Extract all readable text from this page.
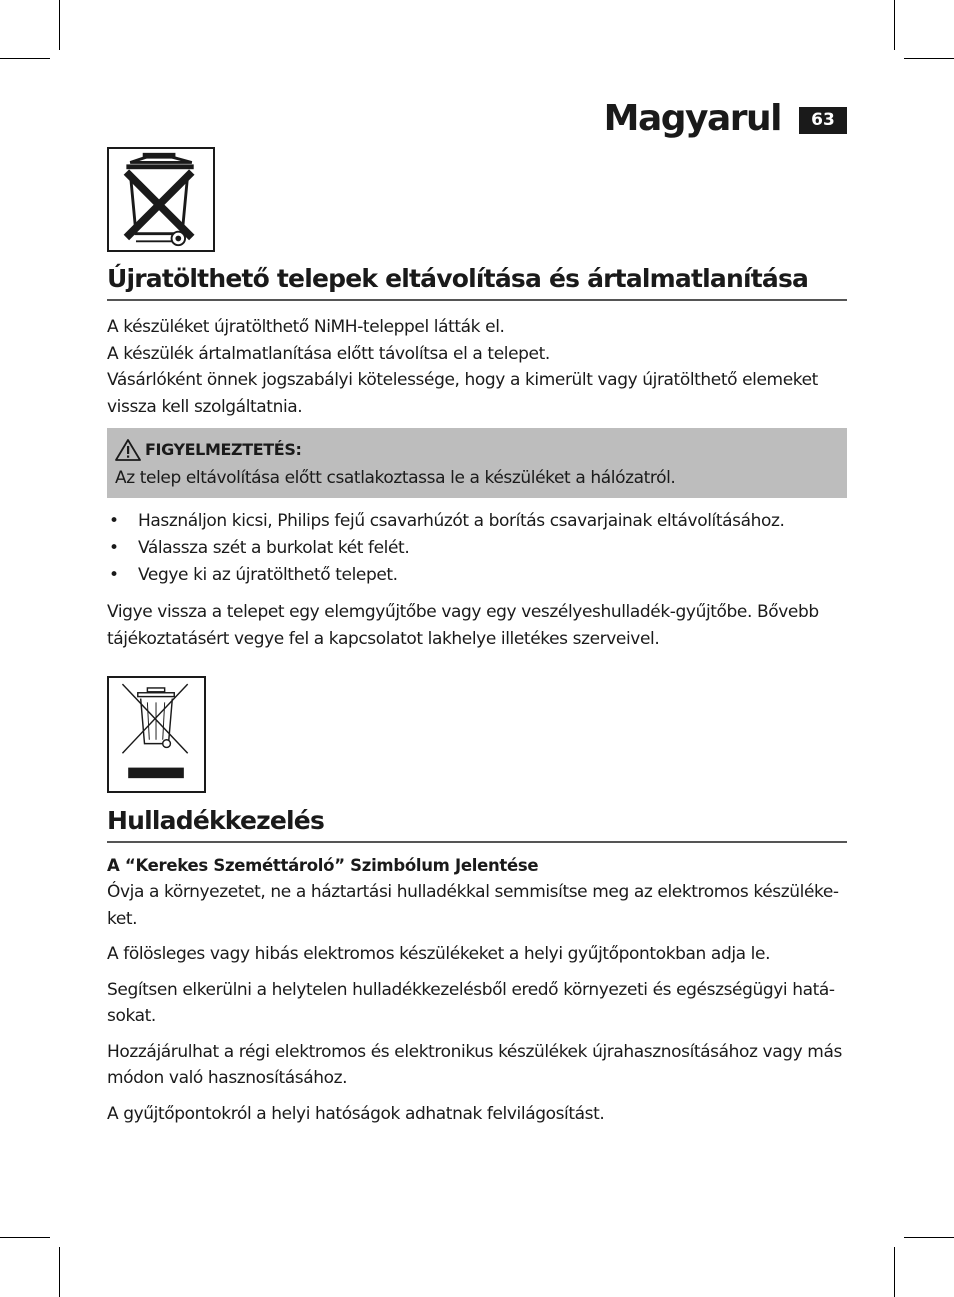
Magyarul	63
Újratölthető telepek eltávolítása és ártalmatlanítása

A készüléket újratölthető NiMH-teleppel látták el.

A készülék ártalmatlanítása előtt távolítsa el a telepet.

Vásárlóként önnek jogszabályi kötelessége, hogy a kimerült vagy újratölthető elemeket vissza kell szolgáltatnia.

FIGYELMEZTETÉS:
Az telep eltávolítása előtt csatlakoztassa le a készüléket a hálózatról.
• Használjon kicsi, Philips fejű csavarhúzót a borítás csavarjainak eltávolításához.
• Válassza szét a burkolat két felét.
• Vegye ki az újratölthető telepet.

Vigye vissza a telepet egy elemgyűjtőbe vagy egy veszélyeshulladék-gyűjtőbe. Bővebb tájékoztatásért vegye fel a kapcsolatot lakhelye illetékes szerveivel.

Hulladékkezelés
A “Kerekes Szeméttároló” Szimbólum Jelentése

Óvja a környezetet, ne a háztartási hulladékkal semmisítse meg az elektromos készüléke-ket.

A fölösleges vagy hibás elektromos készülékeket a helyi gyűjtőpontokban adja le.

Segítsen elkerülni a helytelen hulladékkezelésből eredő környezeti és egészségügyi hatá-sokat.

Hozzájárulhat a régi elektromos és elektronikus készülékek újrahasznosításához vagy más módon való hasznosításához.

A gyűjtőpontokról a helyi hatóságok adhatnak felvilágosítást.
